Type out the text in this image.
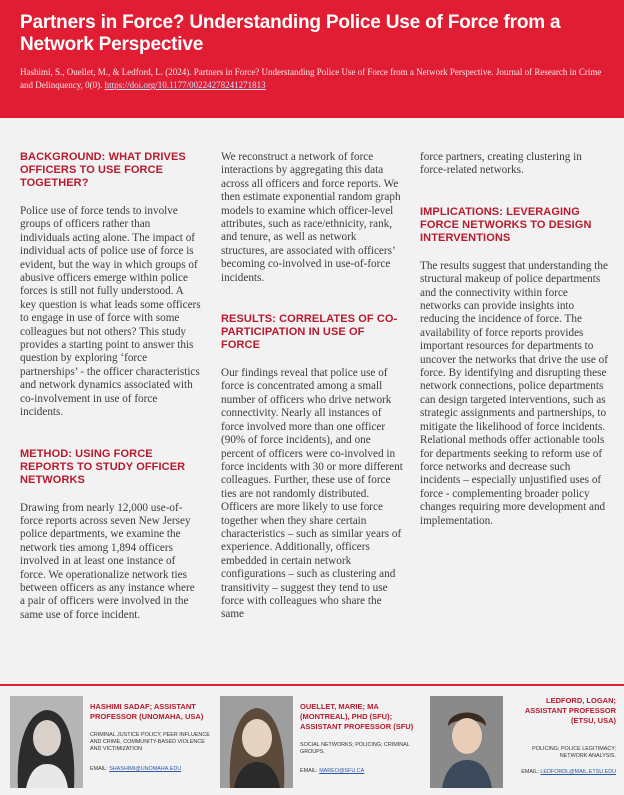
Partners in Force? Understanding Police Use of Force from a Network Perspective
Hashimi, S., Ouellet, M., & Ledford, L. (2024). Partners in Force? Understanding Police Use of Force from a Network Perspective. Journal of Research in Crime and Delinquency, 0(0). https://doi.org/10.1177/00224278241271813
BACKGROUND: WHAT DRIVES OFFICERS TO USE FORCE TOGETHER?

Police use of force tends to involve groups of officers rather than individuals acting alone. The impact of individual acts of police use of force is evident, but the way in which groups of abusive officers emerge within police forces is still not fully understood. A key question is what leads some officers to engage in use of force with some colleagues but not others? This study provides a starting point to answer this question by exploring ‘force partnerships’ - the officer characteristics and network dynamics associated with co-involvement in use of force incidents.

METHOD: USING FORCE REPORTS TO STUDY OFFICER NETWORKS

Drawing from nearly 12,000 use-of-force reports across seven New Jersey police departments, we examine the network ties among 1,894 officers involved in at least one instance of force. We operationalize network ties between officers as any instance where a pair of officers were involved in the same use of force incident.

We reconstruct a network of force interactions by aggregating this data across all officers and force reports. We then estimate exponential random graph models to examine which officer-level attributes, such as race/ethnicity, rank, and tenure, as well as network structures, are associated with officers’ becoming co-involved in use-of-force incidents.

RESULTS: CORRELATES OF CO-PARTICIPATION IN USE OF FORCE

Our findings reveal that police use of force is concentrated among a small number of officers who drive network connectivity. Nearly all instances of force involved more than one officer (90% of force incidents), and one percent of officers were co-involved in force incidents with 30 or more different colleagues. Further, these use of force ties are not randomly distributed. Officers are more likely to use force together when they share certain characteristics – such as similar years of experience. Additionally, officers embedded in certain network configurations – such as clustering and transitivity – suggest they tend to use force with colleagues who share the same

force partners, creating clustering in force-related networks.

IMPLICATIONS: LEVERAGING FORCE NETWORKS TO DESIGN INTERVENTIONS

The results suggest that understanding the structural makeup of police departments and the connectivity within force networks can provide insights into reducing the incidence of force. The availability of force reports provides important resources for departments to uncover the networks that drive the use of force. By identifying and disrupting these network connections, police departments can design targeted interventions, such as strategic assignments and partnerships, to mitigate the likelihood of force incidents. Relational methods offer actionable tools for departments seeking to reform use of force networks and decrease such incidents – especially unjustified uses of force - complementing broader policy changes requiring more development and implementation.

HASHIMI SADAF; ASSISTANT PROFESSOR (UNOMAHA, USA)
CRIMINAL JUSTICE POLICY, PEER INFLUENCE AND CRIME, COMMUNITY-BASED VIOLENCE AND VICTIMIZATION
EMAIL: SHASHIMI@UNOMAHA.EDU
OUELLET, MARIE; MA (MONTREAL), PHD (SFU); ASSISTANT PROFESSOR (SFU)
SOCIAL NETWORKS; POLICING; CRIMINAL GROUPS.
EMAIL: MAREO@SFU.CA
LEDFORD, LOGAN; ASSISTANT PROFESSOR (ETSU, USA)
POLICING; POLICE LEGITIMACY; NETWORK ANALYSIS.
EMAIL: LEDFORDL@MAIL.ETSU.EDU
